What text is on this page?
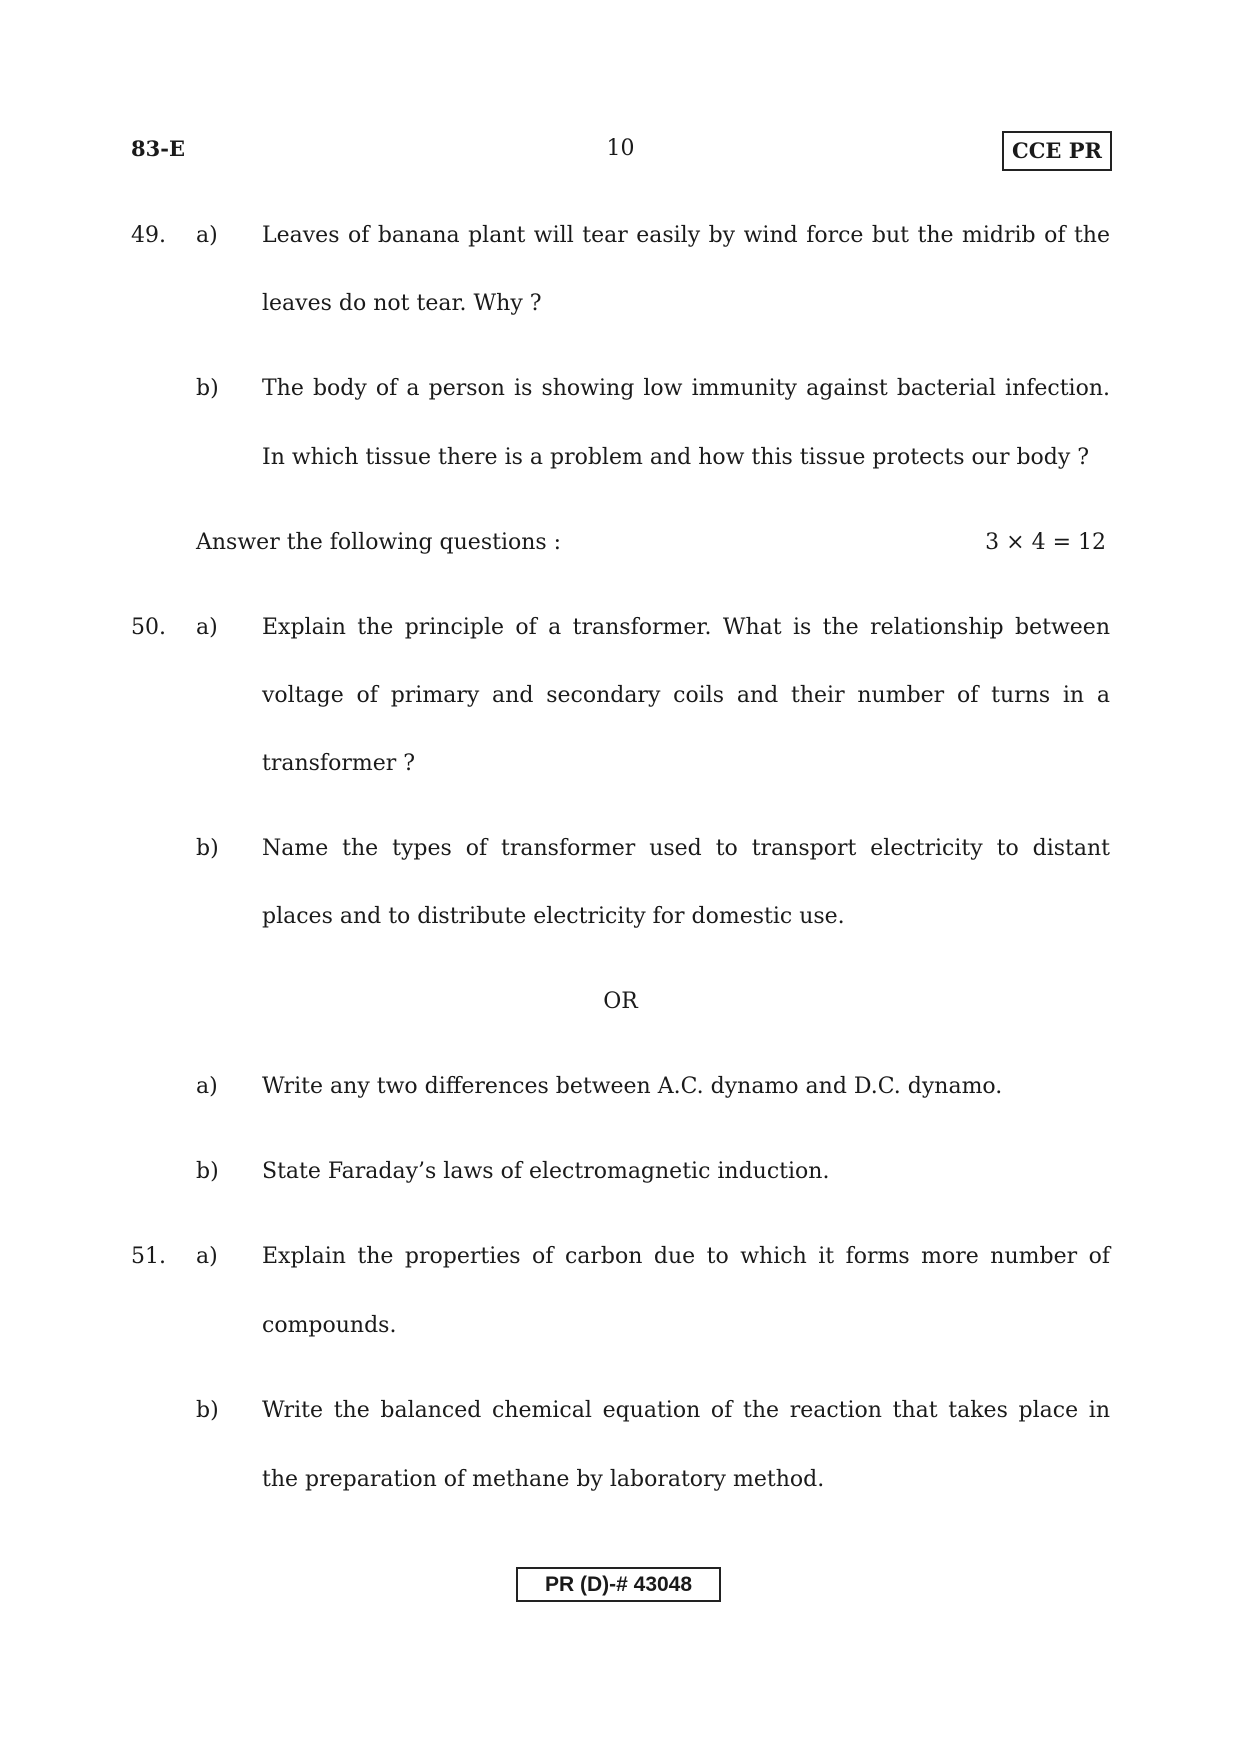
83-E	10	CCE PR
49. a) Leaves of banana plant will tear easily by wind force but the midrib of the
leaves do not tear. Why ?
b) The body of a person is showing low immunity against bacterial infection.
In which tissue there is a problem and how this tissue protects our body ?
Answer the following questions :	3 × 4 = 12
50. a) Explain the principle of a transformer. What is the relationship between
voltage of primary and secondary coils and their number of turns in a
transformer ?
b) Name the types of transformer used to transport electricity to distant
places and to distribute electricity for domestic use.
OR
a) Write any two differences between A.C. dynamo and D.C. dynamo.
b) State Faraday’s laws of electromagnetic induction.
51. a) Explain the properties of carbon due to which it forms more number of
compounds.
b) Write the balanced chemical equation of the reaction that takes place in
the preparation of methane by laboratory method.
PR (D)-# 43048
